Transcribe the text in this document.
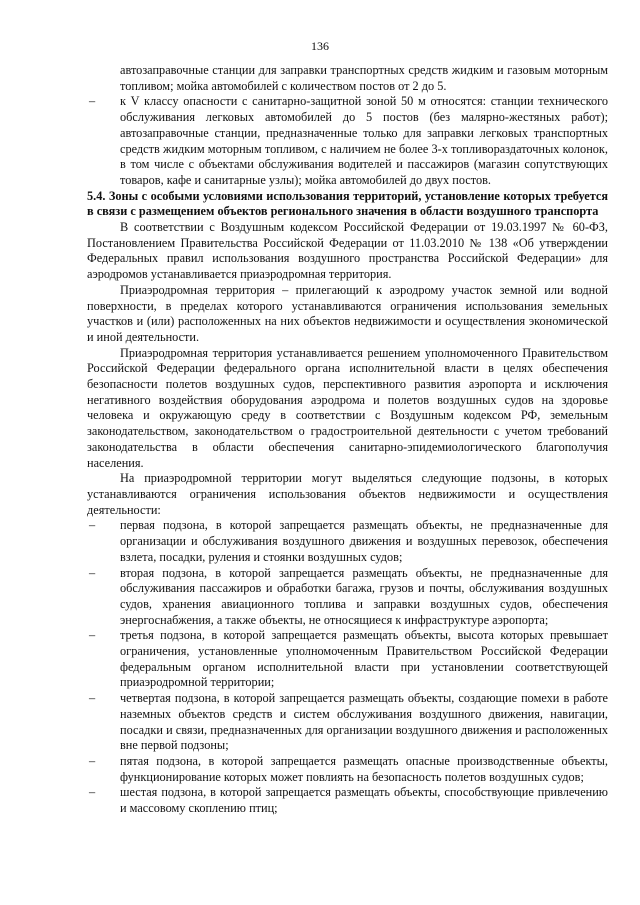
136

автозаправочные станции для заправки транспортных средств жидким и газовым моторным топливом; мойка автомобилей с количеством постов от 2 до 5.

– к V классу опасности с санитарно-защитной зоной 50 м относятся: станции технического обслуживания легковых автомобилей до 5 постов (без малярно-жестяных работ); автозаправочные станции, предназначенные только для заправки легковых транспортных средств жидким моторным топливом, с наличием не более 3-х топливораздаточных колонок, в том числе с объектами обслуживания водителей и пассажиров (магазин сопутствующих товаров, кафе и санитарные узлы); мойка автомобилей до двух постов.

5.4. Зоны с особыми условиями использования территорий, установление которых требуется в связи с размещением объектов регионального значения в области воздушного транспорта

В соответствии с Воздушным кодексом Российской Федерации от 19.03.1997 № 60-ФЗ, Постановлением Правительства Российской Федерации от 11.03.2010 № 138 «Об утверждении Федеральных правил использования воздушного пространства Российской Федерации» для аэродромов устанавливается приаэродромная территория.

Приаэродромная территория – прилегающий к аэродрому участок земной или водной поверхности, в пределах которого устанавливаются ограничения использования земельных участков и (или) расположенных на них объектов недвижимости и осуществления экономической и иной деятельности.

Приаэродромная территория устанавливается решением уполномоченного Правительством Российской Федерации федерального органа исполнительной власти в целях обеспечения безопасности полетов воздушных судов, перспективного развития аэропорта и исключения негативного воздействия оборудования аэродрома и полетов воздушных судов на здоровье человека и окружающую среду в соответствии с Воздушным кодексом РФ, земельным законодательством, законодательством о градостроительной деятельности с учетом требований законодательства в области обеспечения санитарно-эпидемиологического благополучия населения.

На приаэродромной территории могут выделяться следующие подзоны, в которых устанавливаются ограничения использования объектов недвижимости и осуществления деятельности:

– первая подзона, в которой запрещается размещать объекты, не предназначенные для организации и обслуживания воздушного движения и воздушных перевозок, обеспечения взлета, посадки, руления и стоянки воздушных судов;
– вторая подзона, в которой запрещается размещать объекты, не предназначенные для обслуживания пассажиров и обработки багажа, грузов и почты, обслуживания воздушных судов, хранения авиационного топлива и заправки воздушных судов, обеспечения энергоснабжения, а также объекты, не относящиеся к инфраструктуре аэропорта;
– третья подзона, в которой запрещается размещать объекты, высота которых превышает ограничения, установленные уполномоченным Правительством Российской Федерации федеральным органом исполнительной власти при установлении соответствующей приаэродромной территории;
– четвертая подзона, в которой запрещается размещать объекты, создающие помехи в работе наземных объектов средств и систем обслуживания воздушного движения, навигации, посадки и связи, предназначенных для организации воздушного движения и расположенных вне первой подзоны;
– пятая подзона, в которой запрещается размещать опасные производственные объекты, функционирование которых может повлиять на безопасность полетов воздушных судов;
– шестая подзона, в которой запрещается размещать объекты, способствующие привлечению и массовому скоплению птиц;
